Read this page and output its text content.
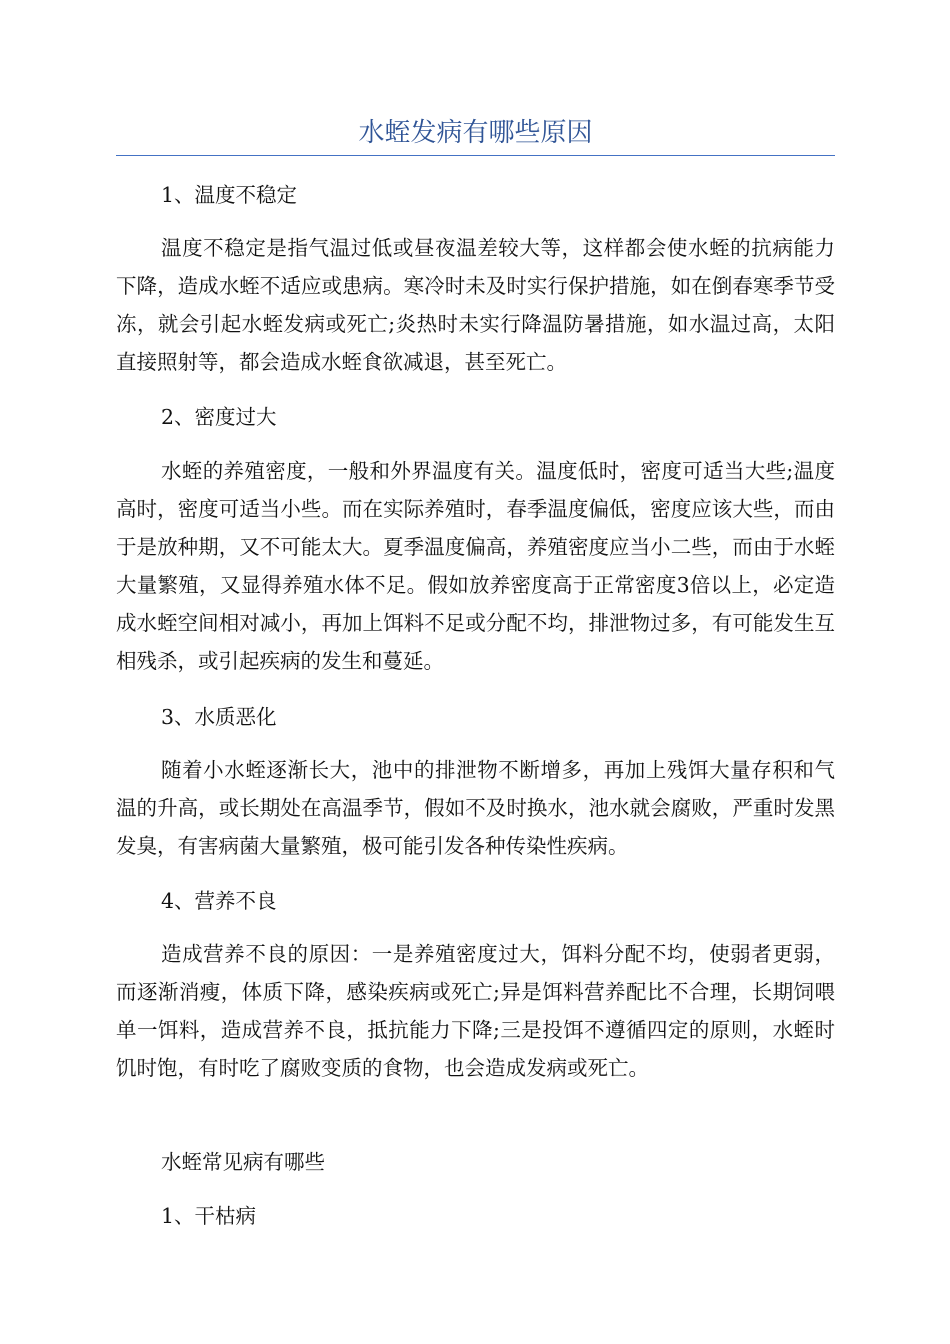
水蛭发病有哪些原因

1、温度不稳定

温度不稳定是指气温过低或昼夜温差较大等，这样都会使水蛭的抗病能力下降，造成水蛭不适应或患病。寒冷时未及时实行保护措施，如在倒春寒季节受冻，就会引起水蛭发病或死亡;炎热时未实行降温防暑措施，如水温过高，太阳直接照射等，都会造成水蛭食欲减退，甚至死亡。

2、密度过大

水蛭的养殖密度，一般和外界温度有关。温度低时，密度可适当大些;温度高时，密度可适当小些。而在实际养殖时，春季温度偏低，密度应该大些，而由于是放种期，又不可能太大。夏季温度偏高，养殖密度应当小二些，而由于水蛭大量繁殖，又显得养殖水体不足。假如放养密度高于正常密度3倍以上，必定造成水蛭空间相对减小，再加上饵料不足或分配不均，排泄物过多，有可能发生互相残杀，或引起疾病的发生和蔓延。

3、水质恶化

随着小水蛭逐渐长大，池中的排泄物不断增多，再加上残饵大量存积和气温的升高，或长期处在高温季节，假如不及时换水，池水就会腐败，严重时发黑发臭，有害病菌大量繁殖，极可能引发各种传染性疾病。

4、营养不良

造成营养不良的原因：一是养殖密度过大，饵料分配不均，使弱者更弱，而逐渐消瘦，体质下降，感染疾病或死亡;异是饵料营养配比不合理，长期饲喂单一饵料，造成营养不良，抵抗能力下降;三是投饵不遵循四定的原则，水蛭时饥时饱，有时吃了腐败变质的食物，也会造成发病或死亡。

水蛭常见病有哪些

1、干枯病
